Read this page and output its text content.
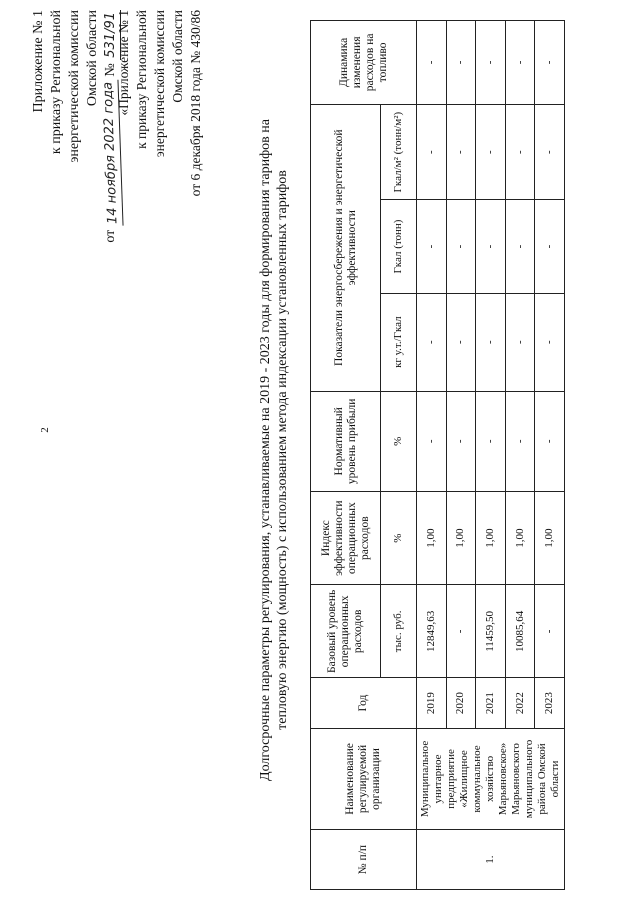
2
Приложение № 1 к приказу Региональной энергетической комиссии Омской области
от 14 ноября 2022 года № 531/91
«Приложение № 1 к приказу Региональной энергетической комиссии Омской области от 6 декабря 2018 года № 430/86
Долгосрочные параметры регулирования, устанавливаемые на 2019 - 2023 годы для формирования тарифов на тепловую энергию (мощность) с использованием метода индексации установленных тарифов
№ п/п	Наименование регулируемой организации	Год	Базовый уровень операционных расходов	Индекс эффективности операционных расходов	Нормативный уровень прибыли	Показатели энергосбережения и энергетической эффективности			Динамика изменения расходов на топливо
			тыс. руб.	%	%	кг у.т./Гкал	Гкал (тонн)	Гкал/м² (тонн/м²)	
1.	Муниципальное унитарное предприятие «Жилищное коммунальное хозяйство Марьяновское» Марьяновского муниципального района Омской области	2019	12849,63	1,00	-	-	-	-	-
		2020	-	1,00	-	-	-	-	-
		2021	11459,50	1,00	-	-	-	-	-
		2022	10085,64	1,00	-	-	-	-	-
		2023	-	1,00	-	-	-	-	-
